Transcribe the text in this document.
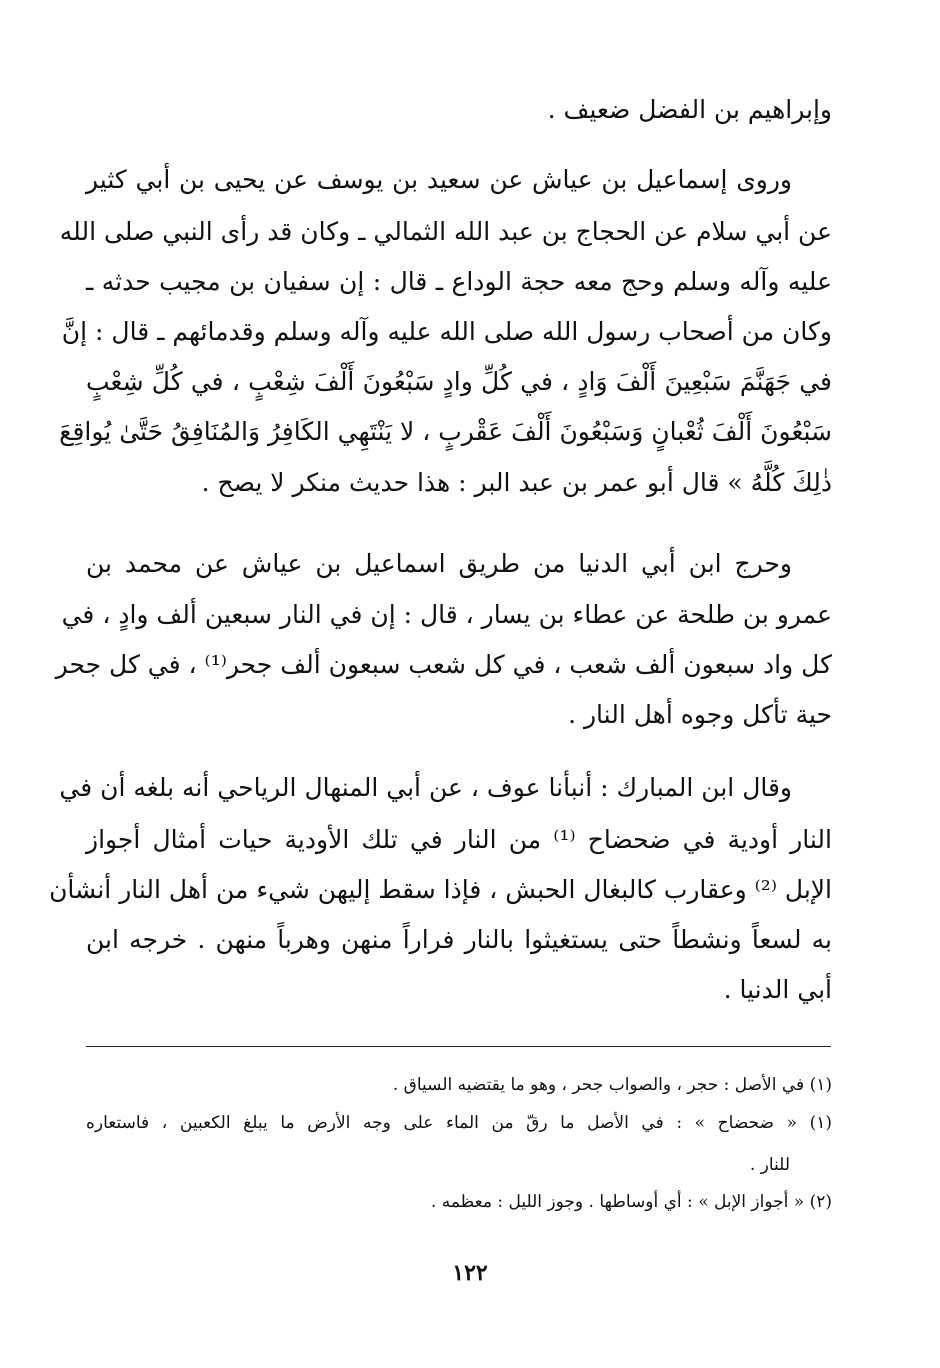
وإبراهيم بن الفضل ضعيف .
وروى إسماعيل بن عياش عن سعيد بن يوسف عن يحيى بن أبي كثير
عن أبي سلام عن الحجاج بن عبد الله الثمالي ـ وكان قد رأى النبي صلى الله
عليه وآله وسلم وحج معه حجة الوداع ـ قال : إن سفيان بن مجيب حدثه ـ
وكان من أصحاب رسول الله صلى الله عليه وآله وسلم وقدمائهم ـ قال : إنَّ
في جَهَنَّمَ سَبْعِينَ أَلْفَ وَادٍ ، في كُلِّ وادٍ سَبْعُونَ أَلْفَ شِعْبٍ ، في كُلِّ شِعْبٍ
سَبْعُونَ أَلْفَ ثُعْبانٍ وَسَبْعُونَ أَلْفَ عَقْربٍ ، لا يَنْتَهِي الكَافِرُ وَالمُنَافِقُ حَتَّىٰ يُواقِعَ
ذٰلِكَ كُلَّهُ » قال أبو عمر بن عبد البر : هذا حديث منكر لا يصح .
وحرج ابن أبي الدنيا من طريق اسماعيل بن عياش عن محمد بن
عمرو بن طلحة عن عطاء بن يسار ، قال : إن في النار سبعين ألف وادٍ ، في
كل واد سبعون ألف شعب ، في كل شعب سبعون ألف جحر⁽¹⁾ ، في كل جحر
حية تأكل وجوه أهل النار .
وقال ابن المبارك : أنبأنا عوف ، عن أبي المنهال الرياحي أنه بلغه أن في
النار أودية في ضحضاح ⁽¹⁾ من النار في تلك الأودية حيات أمثال أجواز
الإبل ⁽²⁾ وعقارب كالبغال الحبش ، فإذا سقط إليهن شيء من أهل النار أنشأن
به لسعاً ونشطاً حتى يستغيثوا بالنار فراراً منهن وهرباً منهن . خرجه ابن
أبي الدنيا .
(١) في الأصل : حجر ، والصواب جحر ، وهو ما يقتضيه السياق .
(١) « ضحضاح » : في الأصل ما رقّ من الماء على وجه الأرض ما يبلغ الكعبين ، فاستعاره
للنار .
(٢) « أجواز الإبل » : أي أوساطها . وجوز الليل : معظمه .
١٢٢
